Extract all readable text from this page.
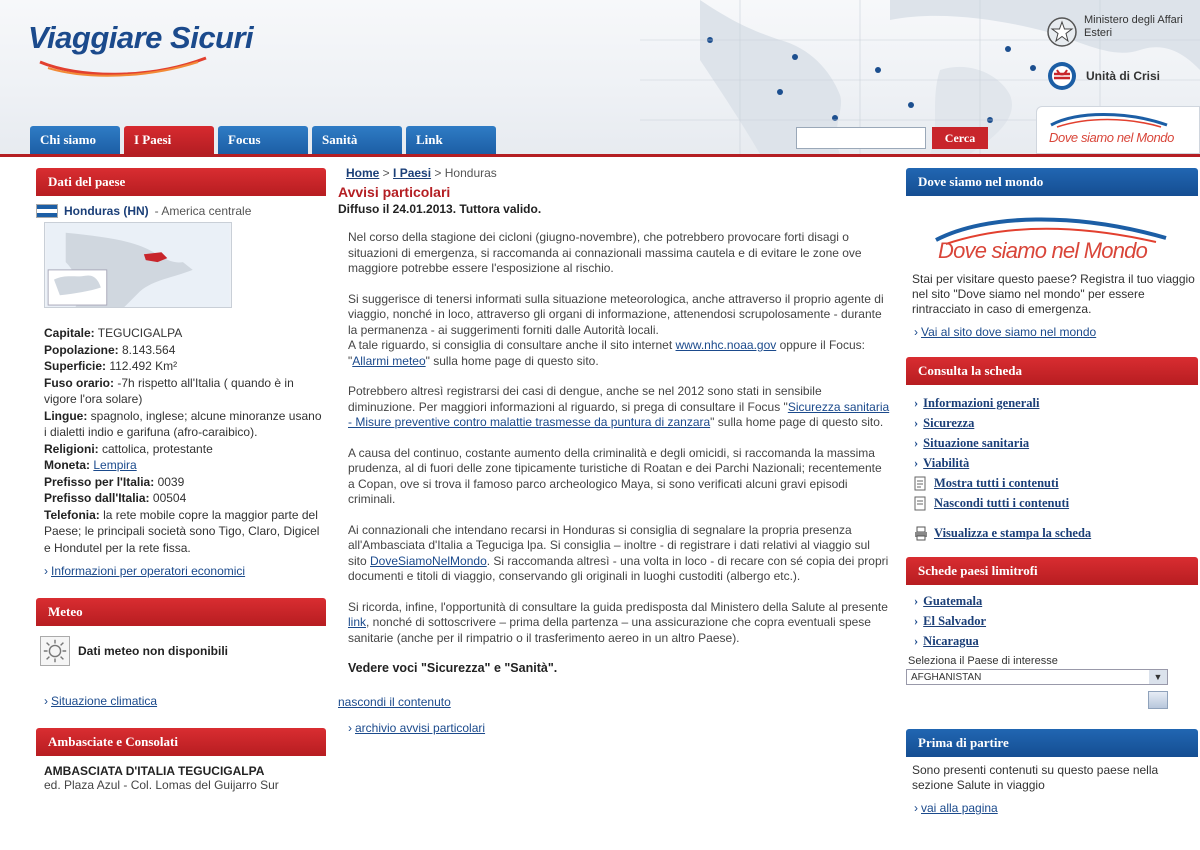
Viaggiare Sicuri	Ministero degli Affari Esteri
Unità di Crisi
Chi siamo	I Paesi	Focus	Sanità	Link	Cerca	Dove siamo nel Mondo
Dati del paese
Honduras (HN) - America centrale
Capitale: TEGUCIGALPA
Popolazione: 8.143.564
Superficie: 112.492 Km²
Fuso orario: -7h rispetto all'Italia ( quando è in vigore l'ora solare)
Lingue: spagnolo, inglese; alcune minoranze usano i dialetti indio e garifuna (afro-caraibico).
Religioni: cattolica, protestante
Moneta: Lempira
Prefisso per l'Italia: 0039
Prefisso dall'Italia: 00504
Telefonia: la rete mobile copre la maggior parte del Paese; le principali società sono Tigo, Claro, Digicel e Hondutel per la rete fissa.
› Informazioni per operatori economici
Meteo
Dati meteo non disponibili
› Situazione climatica
Ambasciate e Consolati
AMBASCIATA D'ITALIA TEGUCIGALPA
ed. Plaza Azul - Col. Lomas del Guijarro Sur
Home > I Paesi > Honduras
Avvisi particolari
Diffuso il 24.01.2013. Tuttora valido.

Nel corso della stagione dei cicloni (giugno-novembre), che potrebbero provocare forti disagi o situazioni di emergenza, si raccomanda ai connazionali massima cautela e di evitare le zone ove maggiore potrebbe essere l'esposizione al rischio.

Si suggerisce di tenersi informati sulla situazione meteorologica, anche attraverso il proprio agente di viaggio, nonché in loco, attraverso gli organi di informazione, attenendosi scrupolosamente - durante la permanenza - ai suggerimenti forniti dalle Autorità locali.
A tale riguardo, si consiglia di consultare anche il sito internet www.nhc.noaa.gov oppure il Focus: "Allarmi meteo" sulla home page di questo sito.

Potrebbero altresì registrarsi dei casi di dengue, anche se nel 2012 sono stati in sensibile diminuzione. Per maggiori informazioni al riguardo, si prega di consultare il Focus "Sicurezza sanitaria - Misure preventive contro malattie trasmesse da puntura di zanzara" sulla home page di questo sito.

A causa del continuo, costante aumento della criminalità e degli omicidi, si raccomanda la massima prudenza, al di fuori delle zone tipicamente turistiche di Roatan e dei Parchi Nazionali; recentemente a Copan, ove si trova il famoso parco archeologico Maya, si sono verificati alcuni gravi episodi criminali.

Ai connazionali che intendano recarsi in Honduras si consiglia di segnalare la propria presenza all'Ambasciata d'Italia a Teguciga lpa. Si consiglia – inoltre - di registrare i dati relativi al viaggio sul sito DoveSiamoNelMondo. Si raccomanda altresì - una volta in loco - di recare con sé copia dei propri documenti e titoli di viaggio, conservando gli originali in luoghi custoditi (albergo etc.).

Si ricorda, infine, l'opportunità di consultare la guida predisposta dal Ministero della Salute al presente link, nonché di sottoscrivere – prima della partenza – una assicurazione che copra eventuali spese sanitarie (anche per il rimpatrio o il trasferimento aereo in un altro Paese).

Vedere voci "Sicurezza" e "Sanità".
nascondi il contenuto
› archivio avvisi particolari
Dove siamo nel mondo
Dove siamo nel Mondo
Stai per visitare questo paese? Registra il tuo viaggio nel sito "Dove siamo nel mondo" per essere rintracciato in caso di emergenza.
› Vai al sito dove siamo nel mondo
Consulta la scheda
› Informazioni generali
› Sicurezza
› Situazione sanitaria
› Viabilità
Mostra tutti i contenuti
Nascondi tutti i contenuti
Visualizza e stampa la scheda
Schede paesi limitrofi
› Guatemala
› El Salvador
› Nicaragua
Seleziona il Paese di interesse
AFGHANISTAN	▼
Prima di partire
Sono presenti contenuti su questo paese nella sezione Salute in viaggio
› vai alla pagina
